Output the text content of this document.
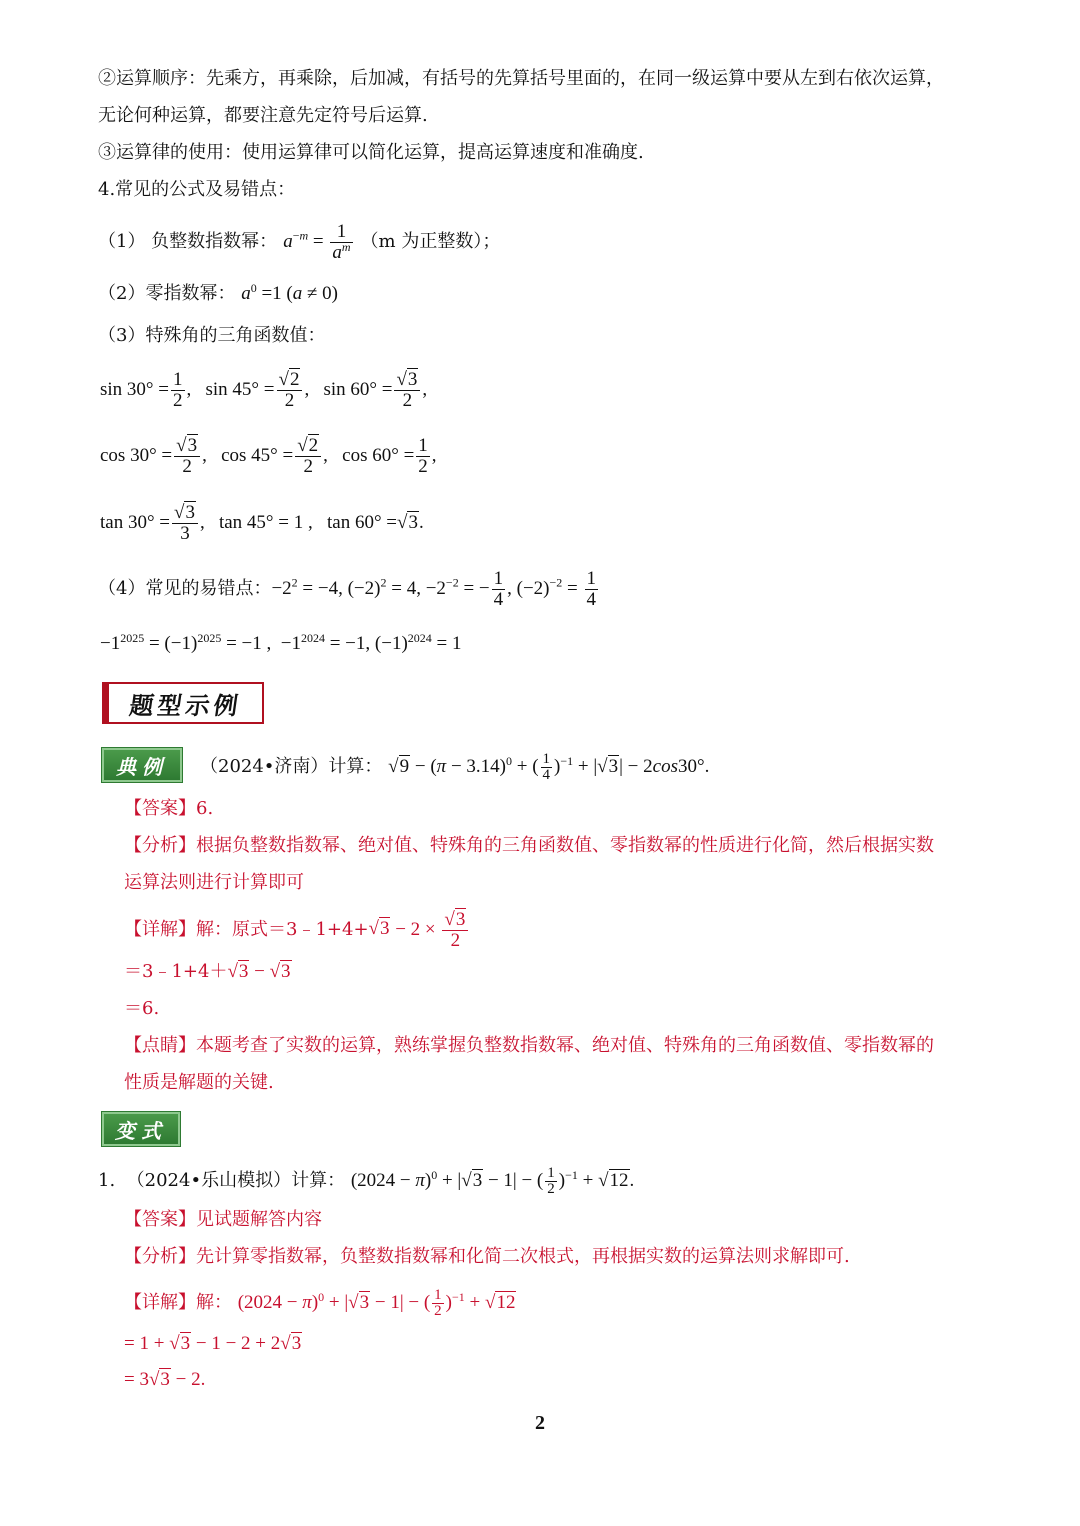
②运算顺序：先乘方，再乘除，后加减，有括号的先算括号里面的，在同一级运算中要从左到右依次运算，
无论何种运算，都要注意先定符号后运算.
③运算律的使用：使用运算律可以简化运算，提高运算速度和准确度.
4.常见的公式及易错点：
（1） 负整数指数幂： $a^{-m} = \frac{1}{a^m} (m$ 为正整数）；
（2）零指数幂： $a^0 =1$ (a ≠ 0)
（3）特殊角的三角函数值：
$\sin 30^\circ = \frac{1}{2}$ ,   $\sin 45^\circ = \frac{√2}{2}$ ,   $\sin 60^\circ = \frac{√3}{2}$ ,
$\cos 30^\circ = \frac{√3}{2}$ ,   $\cos 45^\circ = \frac{√2}{2}$ ,   $\cos 60^\circ = \frac{1}{2}$ ,
$\tan 30^\circ = \frac{√3}{3}$ ,   tan 45° = 1 ,   tan 60° = √3 .
（4）常见的易错点： $-2^2 = -4$, $(-2)^2 = 4$, $-2^{-2}$ = − $\frac{1}{4}$ , $(-2)^{-2} = \frac{1}{4}$
$-1^{2025} = (-1)^{2025} = -1$ ,  $-1^{2024} = -1$, $(-1)^{2024} = 1$
题型示例
典例 （2024•济南）计算： $√9 - (\pi - 3.14)^0$ + ( $\frac{1}{4} )^{-1} + |√3| - 2\cos 30^\circ$.
【答案】6.
【分析】根据负整数指数幂、绝对值、特殊角的三角函数值、零指数幂的性质进行化简，然后根据实数
运算法则进行计算即可
【详解】 解：原式＝3﹣1+4+ $√3 - 2 \times \frac{√3}{2}$
＝3﹣1+4＋√3 − √3
＝6.
【点睛】本题考查了实数的运算，熟练掌握负整数指数幂、绝对值、特殊角的三角函数值、零指数幂的
性质是解题的关键.
变式
1. （2024•乐山模拟）计算： $(2024 - \pi)^0 + |√3 - 1|$ − ( $\frac{1}{2} )^{-1} + √12$.
【答案】见试题解答内容
【分析】先计算零指数幂，负整数指数幂和化简二次根式，再根据实数的运算法则求解即可.
【详解】解： $(2024 - \pi)^0 + |√3 - 1|$ − ( $\frac{1}{2} )^{-1} + √12$
= 1 + √3 − 1 − 2 + 2√3
= 3√3 − 2.
2
